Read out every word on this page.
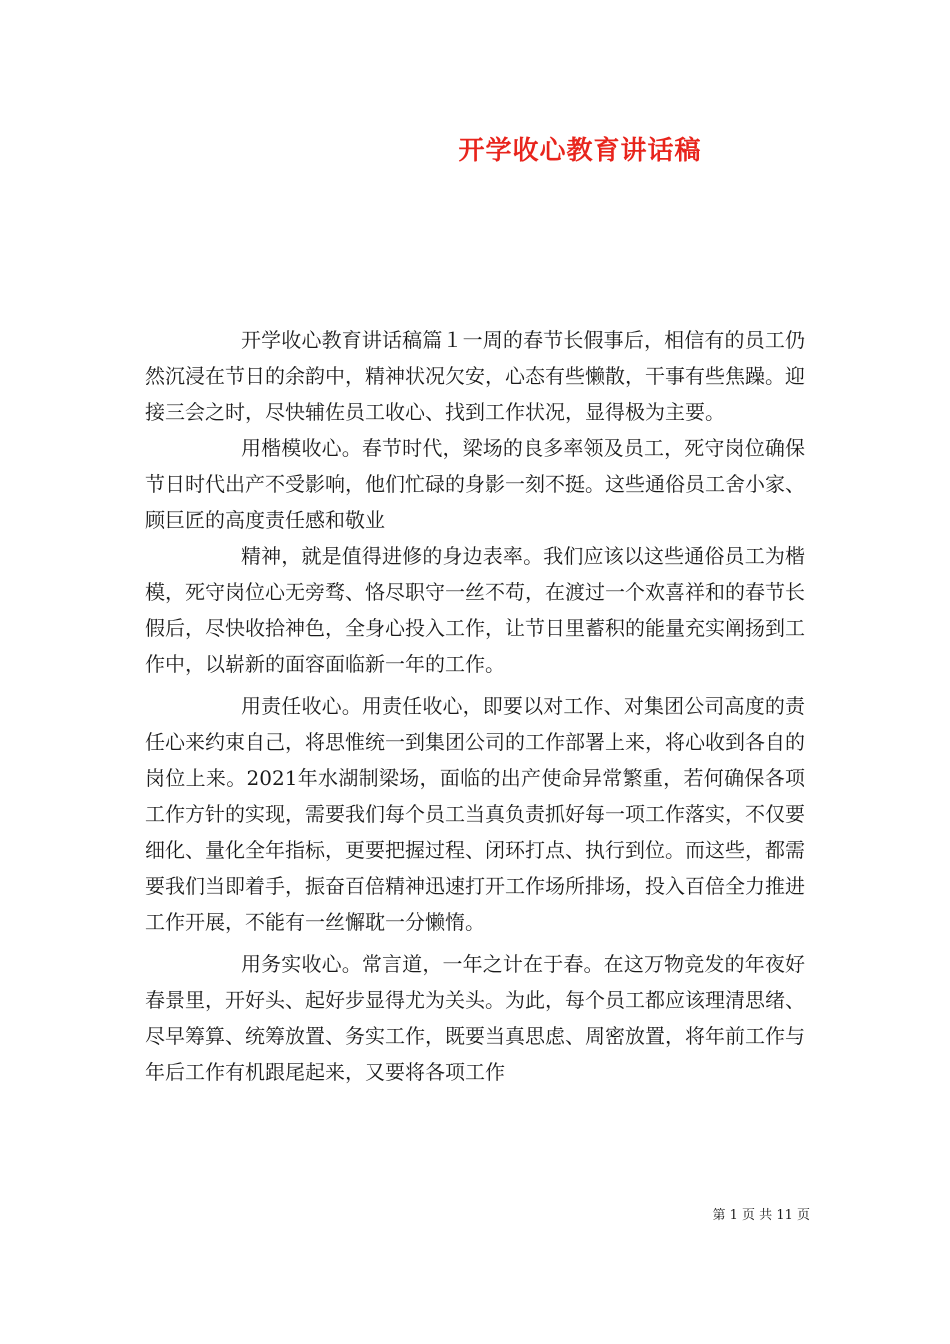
开学收心教育讲话稿

开学收心教育讲话稿篇１一周的春节长假事后，相信有的员工仍然沉浸在节日的余韵中，精神状况欠安，心态有些懒散，干事有些焦躁。迎接三会之时，尽快辅佐员工收心、找到工作状况，显得极为主要。

用楷模收心。春节时代，梁场的良多率领及员工，死守岗位确保节日时代出产不受影响，他们忙碌的身影一刻不挺。这些通俗员工舍小家、顾巨匠的高度责任感和敬业

精神，就是值得进修的身边表率。我们应该以这些通俗员工为楷模，死守岗位心无旁骛、恪尽职守一丝不苟，在渡过一个欢喜祥和的春节长假后，尽快收拾神色，全身心投入工作，让节日里蓄积的能量充实阐扬到工作中，以崭新的面容面临新一年的工作。

用责任收心。用责任收心，即要以对工作、对集团公司高度的责任心来约束自己，将思惟统一到集团公司的工作部署上来，将心收到各自的岗位上来。2021年水湖制梁场，面临的出产使命异常繁重，若何确保各项工作方针的实现，需要我们每个员工当真负责抓好每一项工作落实，不仅要细化、量化全年指标，更要把握过程、闭环打点、执行到位。而这些，都需要我们当即着手，振奋百倍精神迅速打开工作场所排场，投入百倍全力推进工作开展，不能有一丝懈耽一分懒惰。

用务实收心。常言道，一年之计在于春。在这万物竞发的年夜好春景里，开好头、起好步显得尤为关头。为此，每个员工都应该理清思绪、尽早筹算、统筹放置、务实工作，既要当真思虑、周密放置，将年前工作与年后工作有机跟尾起来，又要将各项工作

第 1 页 共 11 页
